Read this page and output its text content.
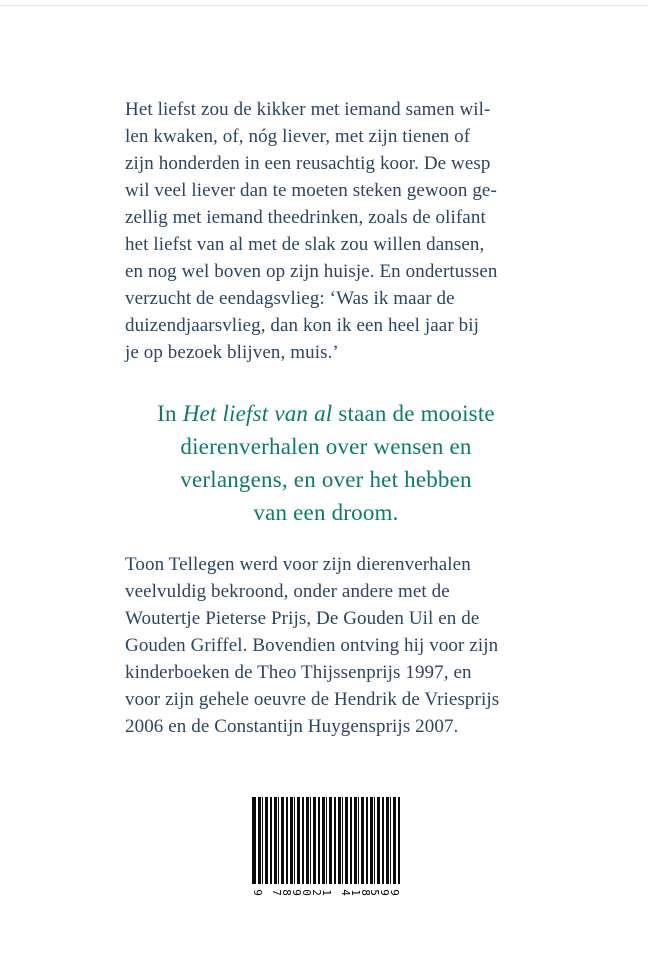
Het liefst zou de kikker met iemand samen wil-
len kwaken, of, nóg liever, met zijn tienen of
zijn honderden in een reusachtig koor. De wesp
wil veel liever dan te moeten steken gewoon ge-
zellig met iemand theedrinken, zoals de olifant
het liefst van al met de slak zou willen dansen,
en nog wel boven op zijn huisje. En ondertussen
verzucht de eendagsvlieg: ‘Was ik maar de
duizendjaarsvlieg, dan kon ik een heel jaar bij
je op bezoek blijven, muis.’
In Het liefst van al staan de mooiste
dierenverhalen over wensen en
verlangens, en over het hebben
van een droom.
Toon Tellegen werd voor zijn dierenverhalen
veelvuldig bekroond, onder andere met de
Woutertje Pieterse Prijs, De Gouden Uil en de
Gouden Griffel. Bovendien ontving hij voor zijn
kinderboeken de Theo Thijssenprijs 1997, en
voor zijn gehele oeuvre de Hendrik de Vriesprijs
2006 en de Constantijn Huygensprijs 2007.
9 7
8
9
0
2
1 4
1
8
5
9
9
